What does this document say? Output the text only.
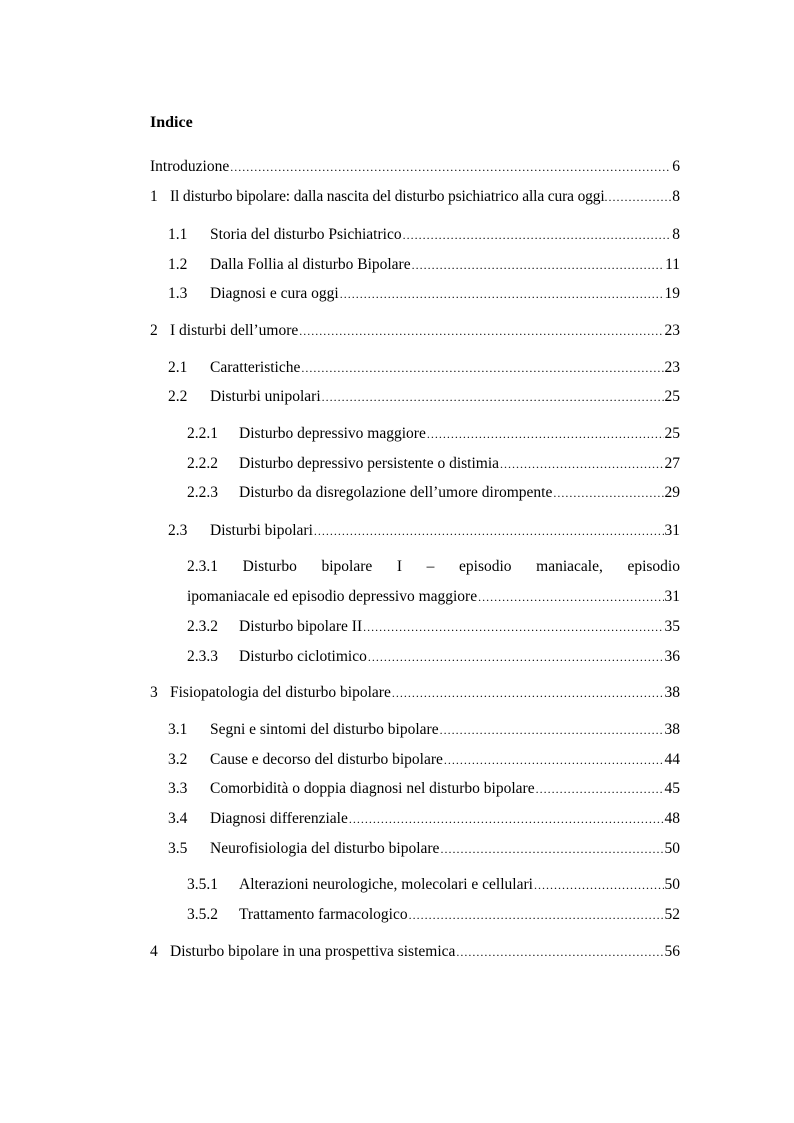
Indice
Introduzione .....	6
1 Il disturbo bipolare: dalla nascita del disturbo psichiatrico alla cura oggi .....	8
1.1	Storia del disturbo Psichiatrico .....	8
1.2	Dalla Follia al disturbo Bipolare .....	11
1.3	Diagnosi e cura oggi .....	19
2 I disturbi dell’umore .....	23
2.1	Caratteristiche .....	23
2.2	Disturbi unipolari .....	25
2.2.1	Disturbo depressivo maggiore .....	25
2.2.2	Disturbo depressivo persistente o distimia .....	27
2.2.3	Disturbo da disregolazione dell’umore dirompente .....	29
2.3	Disturbi bipolari .....	31
2.3.1 Disturbo bipolare I – episodio maniacale, episodio
ipomaniacale ed episodio depressivo maggiore .....	31
2.3.2	Disturbo bipolare II .....	35
2.3.3	Disturbo ciclotimico .....	36
3 Fisiopatologia del disturbo bipolare .....	38
3.1	Segni e sintomi del disturbo bipolare .....	38
3.2	Cause e decorso del disturbo bipolare .....	44
3.3	Comorbidità o doppia diagnosi nel disturbo bipolare .....	45
3.4	Diagnosi differenziale .....	48
3.5	Neurofisiologia del disturbo bipolare .....	50
3.5.1	Alterazioni neurologiche, molecolari e cellulari .....	50
3.5.2	Trattamento farmacologico .....	52
4 Disturbo bipolare in una prospettiva sistemica .....	56
